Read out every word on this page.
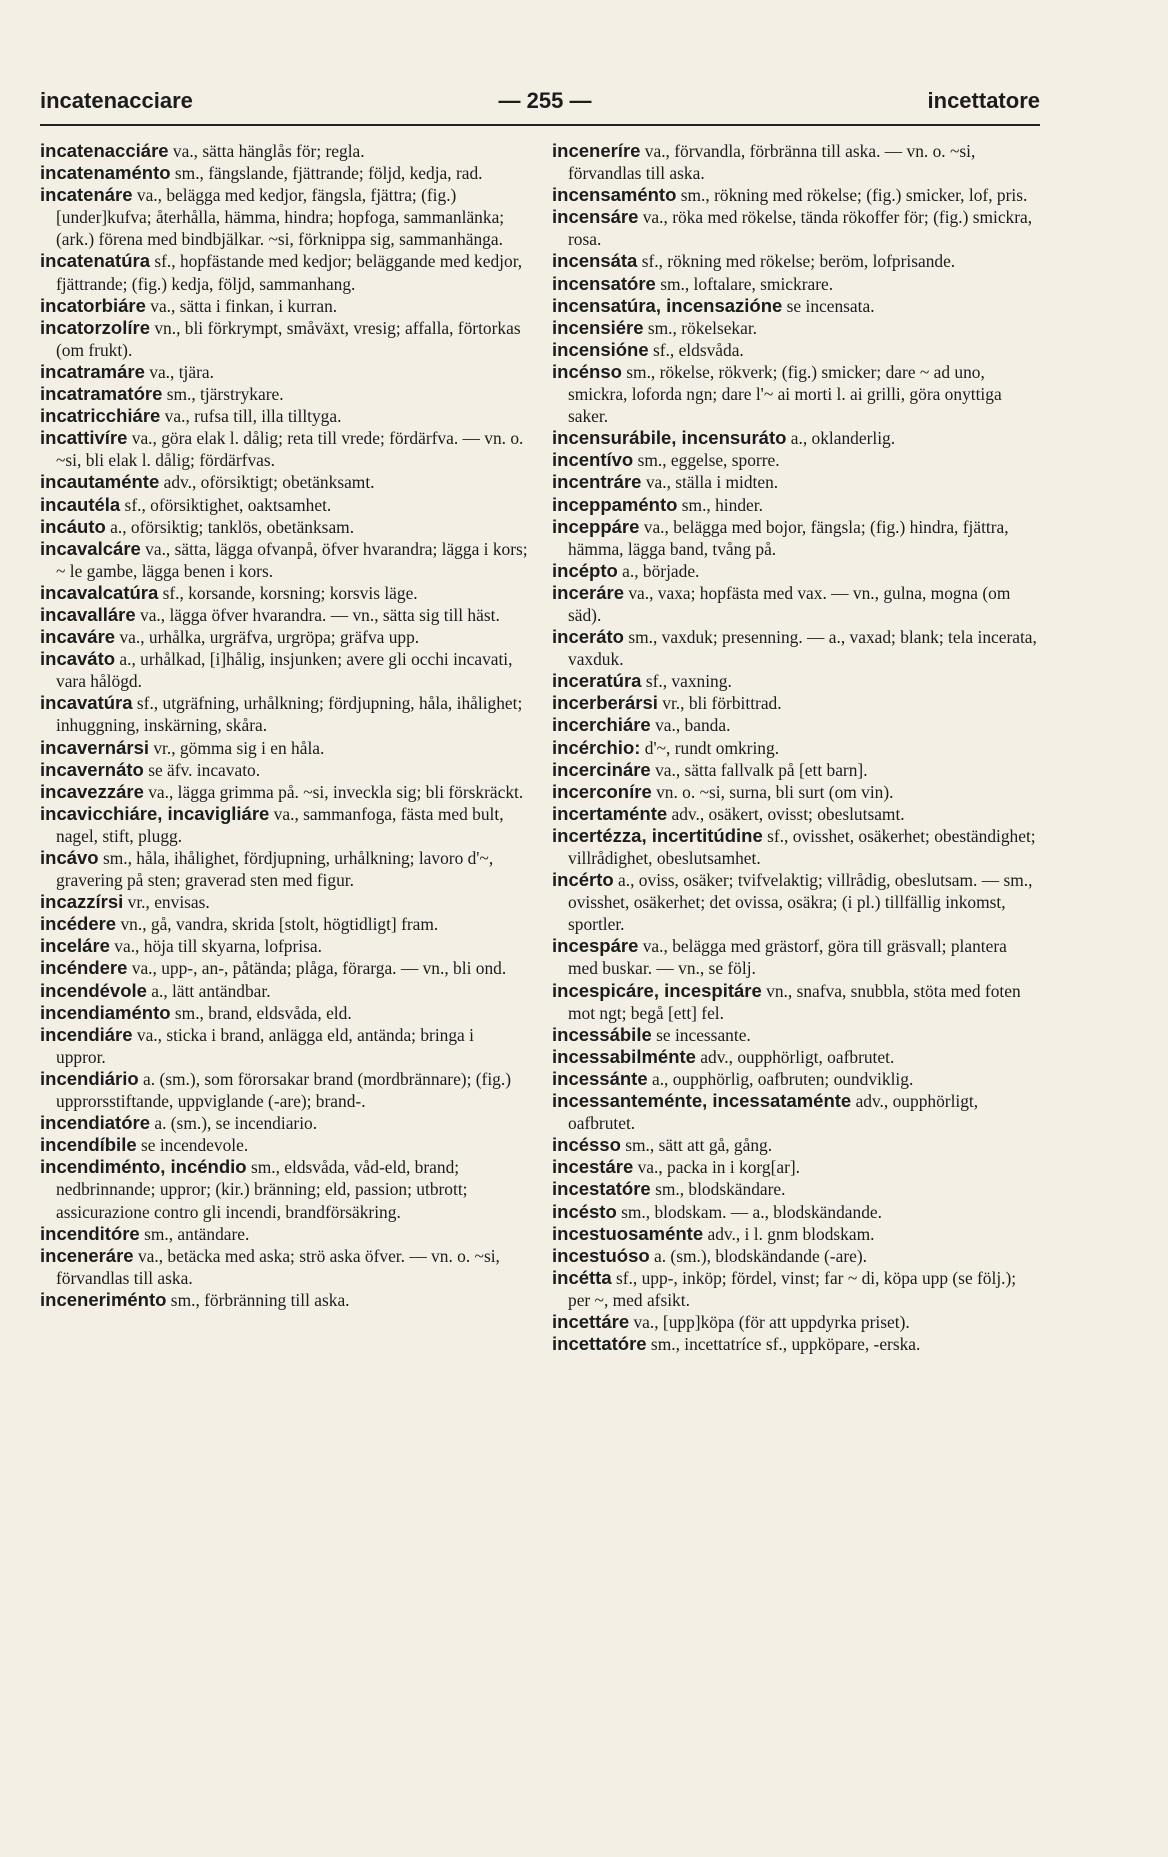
incatenacciare	— 255 —	incettatore

incatenacciáre va., sätta hänglås för; regla.

incatenaménto sm., fängslande, fjättrande; följd, kedja, rad.

incatenáre va., belägga med kedjor, fängsla, fjättra; (fig.) [under]kufva; återhålla, hämma, hindra; hopfoga, sammanlänka; (ark.) förena med bindbjälkar. ~si, förknippa sig, sammanhänga.

incatenatúra sf., hopfästande med kedjor; beläggande med kedjor, fjättrande; (fig.) kedja, följd, sammanhang.

incatorbiáre va., sätta i finkan, i kurran.

incatorzolíre vn., bli förkrympt, småväxt, vresig; affalla, förtorkas (om frukt).

incatramáre va., tjära.

incatramatóre sm., tjärstrykare.

incatricchiáre va., rufsa till, illa tilltyga.

incattivíre va., göra elak l. dålig; reta till vrede; fördärfva. — vn. o. ~si, bli elak l. dålig; fördärfvas.

incautaménte adv., oförsiktigt; obetänksamt.

incautéla sf., oförsiktighet, oaktsamhet.

incáuto a., oförsiktig; tanklös, obetänksam.

incavalcáre va., sätta, lägga ofvanpå, öfver hvarandra; lägga i kors; ~ le gambe, lägga benen i kors.

incavalcatúra sf., korsande, korsning; korsvis läge.

incavalláre va., lägga öfver hvarandra. — vn., sätta sig till häst.

incaváre va., urhålka, urgräfva, urgröpa; gräfva upp.

incaváto a., urhålkad, [i]hålig, insjunken; avere gli occhi incavati, vara hålögd.

incavatúra sf., utgräfning, urhålkning; fördjupning, håla, ihålighet; inhuggning, inskärning, skåra.

incavernársi vr., gömma sig i en håla.

incavernáto se äfv. incavato.

incavezzáre va., lägga grimma på. ~si, inveckla sig; bli förskräckt.

incavicchiáre, incavigliáre va., sammanfoga, fästa med bult, nagel, stift, plugg.

incávo sm., håla, ihålighet, fördjupning, urhålkning; lavoro d'~, gravering på sten; graverad sten med figur.

incazzírsi vr., envisas.

incédere vn., gå, vandra, skrida [stolt, högtidligt] fram.

inceláre va., höja till skyarna, lofprisa.

incéndere va., upp-, an-, påtända; plåga, förarga. — vn., bli ond.

incendévole a., lätt antändbar.

incendiaménto sm., brand, eldsvåda, eld.

incendiáre va., sticka i brand, anlägga eld, antända; bringa i uppror.

incendiário a. (sm.), som förorsakar brand (mordbrännare); (fig.) upprorsstiftande, uppviglande (-are); brand-.

incendiatóre a. (sm.), se incendiario.

incendíbile se incendevole.

incendiménto, incéndio sm., eldsvåda, våd-eld, brand; nedbrinnande; uppror; (kir.) bränning; eld, passion; utbrott; assicurazione contro gli incendi, brandförsäkring.

incenditóre sm., antändare.

inceneráre va., betäcka med aska; strö aska öfver. — vn. o. ~si, förvandlas till aska.

inceneriménto sm., förbränning till aska.

inceneríre va., förvandla, förbränna till aska. — vn. o. ~si, förvandlas till aska.

incensaménto sm., rökning med rökelse; (fig.) smicker, lof, pris.

incensáre va., röka med rökelse, tända rökoffer för; (fig.) smickra, rosa.

incensáta sf., rökning med rökelse; beröm, lofprisande.

incensatóre sm., loftalare, smickrare.

incensatúra, incensazióne se incensata.

incensiére sm., rökelsekar.

incensióne sf., eldsvåda.

incénso sm., rökelse, rökverk; (fig.) smicker; dare ~ ad uno, smickra, loforda ngn; dare l'~ ai morti l. ai grilli, göra onyttiga saker.

incensurábile, incensuráto a., oklanderlig.

incentívo sm., eggelse, sporre.

incentráre va., ställa i midten.

inceppaménto sm., hinder.

inceppáre va., belägga med bojor, fängsla; (fig.) hindra, fjättra, hämma, lägga band, tvång på.

incépto a., började.

inceráre va., vaxa; hopfästa med vax. — vn., gulna, mogna (om säd).

inceráto sm., vaxduk; presenning. — a., vaxad; blank; tela incerata, vaxduk.

inceratúra sf., vaxning.

incerberársi vr., bli förbittrad.

incerchiáre va., banda.

incérchio: d'~, rundt omkring.

incercináre va., sätta fallvalk på [ett barn].

incerconíre vn. o. ~si, surna, bli surt (om vin).

incertaménte adv., osäkert, ovisst; obeslutsamt.

incertézza, incertitúdine sf., ovisshet, osäkerhet; obeständighet; villrådighet, obeslutsamhet.

incérto a., oviss, osäker; tvifvelaktig; villrådig, obeslutsam. — sm., ovisshet, osäkerhet; det ovissa, osäkra; (i pl.) tillfällig inkomst, sportler.

incespáre va., belägga med grästorf, göra till gräsvall; plantera med buskar. — vn., se följ.

incespicáre, incespitáre vn., snafva, snubbla, stöta med foten mot ngt; begå [ett] fel.

incessábile se incessante.

incessabilménte adv., oupphörligt, oafbrutet.

incessánte a., oupphörlig, oafbruten; oundviklig.

incessanteménte, incessataménte adv., oupphörligt, oafbrutet.

incésso sm., sätt att gå, gång.

incestáre va., packa in i korg[ar].

incestatóre sm., blodskändare.

incésto sm., blodskam. — a., blodskändande.

incestuosaménte adv., i l. gnm blodskam.

incestuóso a. (sm.), blodskändande (-are).

incétta sf., upp-, inköp; fördel, vinst; far ~ di, köpa upp (se följ.); per ~, med afsikt.

incettáre va., [upp]köpa (för att uppdyrka priset).

incettatóre sm., incettatríce sf., uppköpare, -erska.
